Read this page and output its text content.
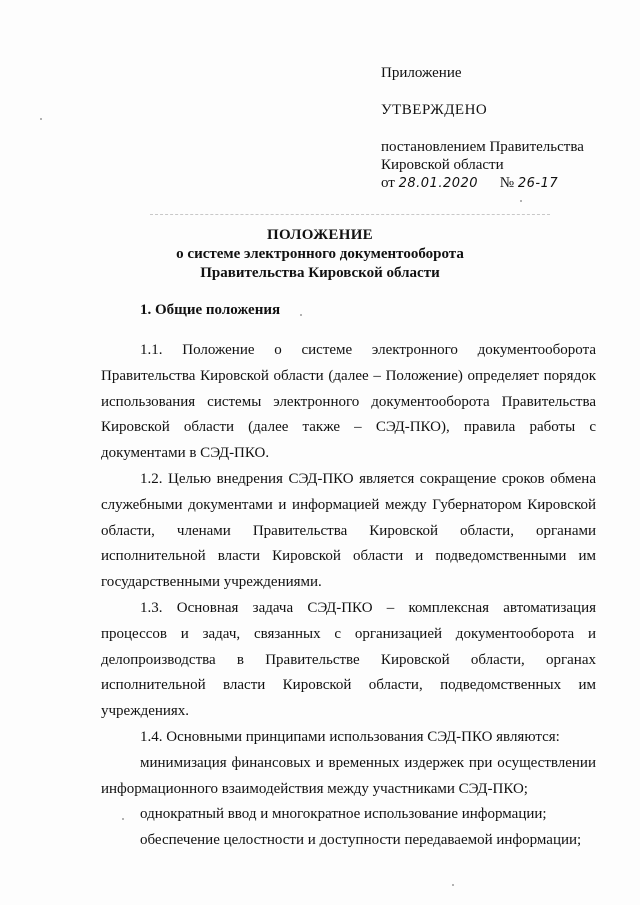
Приложение
УТВЕРЖДЕНО
постановлением Правительства
Кировской области
от 28.01.2020 № 26-17
ПОЛОЖЕНИЕ
о системе электронного документооборота
Правительства Кировской области
1. Общие положения

1.1. Положение о системе электронного документооборота Правительства Кировской области (далее – Положение) определяет порядок использования системы электронного документооборота Правительства Кировской области (далее также – СЭД-ПКО), правила работы с документами в СЭД-ПКО.

1.2. Целью внедрения СЭД-ПКО является сокращение сроков обмена служебными документами и информацией между Губернатором Кировской области, членами Правительства Кировской области, органами исполнительной власти Кировской области и подведомственными им государственными учреждениями.

1.3. Основная задача СЭД-ПКО – комплексная автоматизация процессов и задач, связанных с организацией документооборота и делопроизводства в Правительстве Кировской области, органах исполнительной власти Кировской области, подведомственных им учреждениях.

1.4. Основными принципами использования СЭД-ПКО являются:

минимизация финансовых и временных издержек при осуществлении информационного взаимодействия между участниками СЭД-ПКО;

однократный ввод и многократное использование информации;

обеспечение целостности и доступности передаваемой информации;
